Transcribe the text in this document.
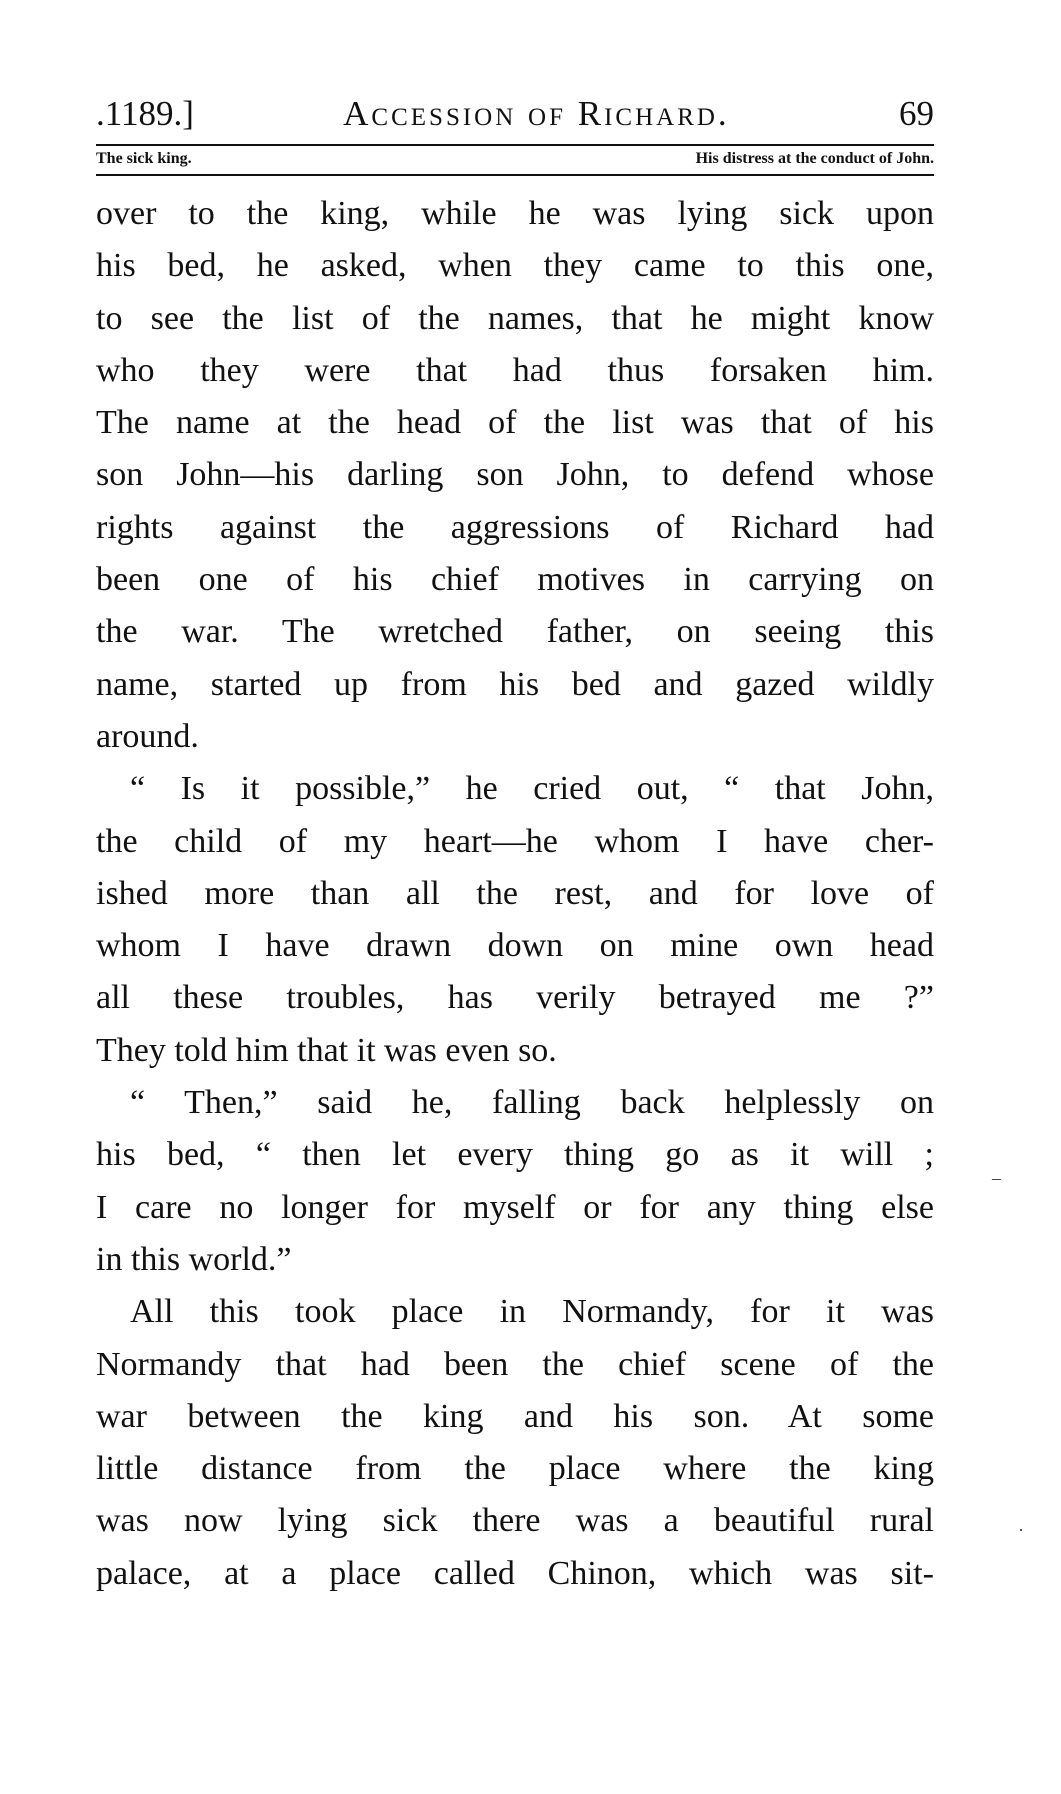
.1189.]	Accession of Richard.	69
The sick king.	His distress at the conduct of John.

over to the king, while he was lying sick upon

his bed, he asked, when they came to this one,

to see the list of the names, that he might know

who they were that had thus forsaken him.

The name at the head of the list was that of his

son John—his darling son John, to defend whose

rights against the aggressions of Richard had

been one of his chief motives in carrying on

the war. The wretched father, on seeing this

name, started up from his bed and gazed wildly

around.

“ Is it possible,” he cried out, “ that John,

the child of my heart—he whom I have cher-

ished more than all the rest, and for love of

whom I have drawn down on mine own head

all these troubles, has verily betrayed me ?”

They told him that it was even so.

“ Then,” said he, falling back helplessly on

his bed, “ then let every thing go as it will ;

I care no longer for myself or for any thing else

in this world.”

All this took place in Normandy, for it was

Normandy that had been the chief scene of the

war between the king and his son. At some

little distance from the place where the king

was now lying sick there was a beautiful rural

palace, at a place called Chinon, which was sit-

–
·
